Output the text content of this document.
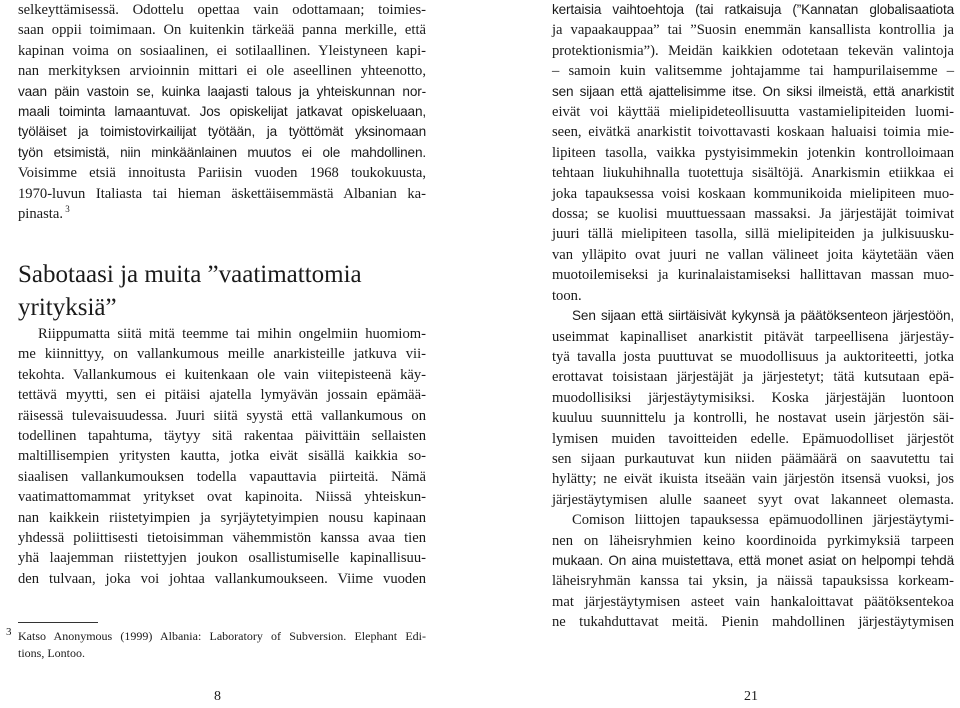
selkeyttämisessä. Odottelu opettaa vain odottamaan; toimies-
saan oppii toimimaan. On kuitenkin tärkeää panna merkille, että
kapinan voima on sosiaalinen, ei sotilaallinen. Yleistyneen kapi-
nan merkityksen arvioinnin mittari ei ole aseellinen yhteenotto,
vaan päin vastoin se, kuinka laajasti talous ja yhteiskunnan nor-
maali toiminta lamaantuvat. Jos opiskelijat jatkavat opiskeluaan,
työläiset ja toimistovirkailijat työtään, ja työttömät yksinomaan
työn etsimistä, niin minkäänlainen muutos ei ole mahdollinen.
Voisimme etsiä innoitusta Pariisin vuoden 1968 toukokuusta,
1970-luvun Italiasta tai hieman äskettäisemmästä Albanian ka-
pinasta. $^3$
Sabotaasi ja muita ”vaatimattomia
yrityksiä”
Riippumatta siitä mitä teemme tai mihin ongelmiin huomiom-
me kiinnittyy, on vallankumous meille anarkisteille jatkuva vii-
tekohta. Vallankumous ei kuitenkaan ole vain viitepisteenä käy-
tettävä myytti, sen ei pitäisi ajatella lymyävän jossain epämää-
räisessä tulevaisuudessa. Juuri siitä syystä että vallankumous on
todellinen tapahtuma, täytyy sitä rakentaa päivittäin sellaisten
maltillisempien yritysten kautta, jotka eivät sisällä kaikkia so-
siaalisen vallankumouksen todella vapauttavia piirteitä. Nämä
vaatimattomammat yritykset ovat kapinoita. Niissä yhteiskun-
nan kaikkein riistetyimpien ja syrjäytetyimpien nousu kapinaan
yhdessä poliittisesti tietoisimman vähemmistön kanssa avaa tien
yhä laajemman riistettyjen joukon osallistumiselle kapinallisuu-
den tulvaan, joka voi johtaa vallankumoukseen. Viime vuoden
3 Katso Anonymous (1999) Albania: Laboratory of Subversion. Elephant Edi-
tions, Lontoo.
8
kertaisia vaihtoehtoja (tai ratkaisuja (”Kannatan globalisaatiota
ja vapaakauppaa” tai ”Suosin enemmän kansallista kontrollia ja
protektionismia”). Meidän kaikkien odotetaan tekevän valintoja
– samoin kuin valitsemme johtajamme tai hampurilaisemme –
sen sijaan että ajattelisimme itse. On siksi ilmeistä, että anarkistit
eivät voi käyttää mielipideteollisuutta vastamielipiteiden luomi-
seen, eivätkä anarkistit toivottavasti koskaan haluaisi toimia mie-
lipiteen tasolla, vaikka pystyisimmekin jotenkin kontrolloimaan
tehtaan liukuhihnalla tuotettuja sisältöjä. Anarkismin etiikkaa ei
joka tapauksessa voisi koskaan kommunikoida mielipiteen muo-
dossa; se kuolisi muuttuessaan massaksi. Ja järjestäjät toimivat
juuri tällä mielipiteen tasolla, sillä mielipiteiden ja julkisuusku-
van ylläpito ovat juuri ne vallan välineet joita käytetään väen
muotoilemiseksi ja kurinalaistamiseksi hallittavan massan muo-
toon.
Sen sijaan että siirtäisivät kykynsä ja päätöksenteon järjestöön,
useimmat kapinalliset anarkistit pitävät tarpeellisena järjestäy-
tyä tavalla josta puuttuvat se muodollisuus ja auktoriteetti, jotka
erottavat toisistaan järjestäjät ja järjestetyt; tätä kutsutaan epä-
muodollisiksi järjestäytymisiksi. Koska järjestäjän luontoon
kuuluu suunnittelu ja kontrolli, he nostavat usein järjestön säi-
lymisen muiden tavoitteiden edelle. Epämuodolliset järjestöt
sen sijaan purkautuvat kun niiden päämäärä on saavutettu tai
hylätty; ne eivät ikuista itseään vain järjestön itsensä vuoksi, jos
järjestäytymisen alulle saaneet syyt ovat lakanneet olemasta.
Comison liittojen tapauksessa epämuodollinen järjestäytymi-
nen on läheisryhmien keino koordinoida pyrkimyksiä tarpeen
mukaan. On aina muistettava, että monet asiat on helpompi tehdä
läheisryhmän kanssa tai yksin, ja näissä tapauksissa korkeam-
mat järjestäytymisen asteet vain hankaloittavat päätöksentekoa
ne tukahduttavat meitä. Pienin mahdollinen järjestäytymisen
21
